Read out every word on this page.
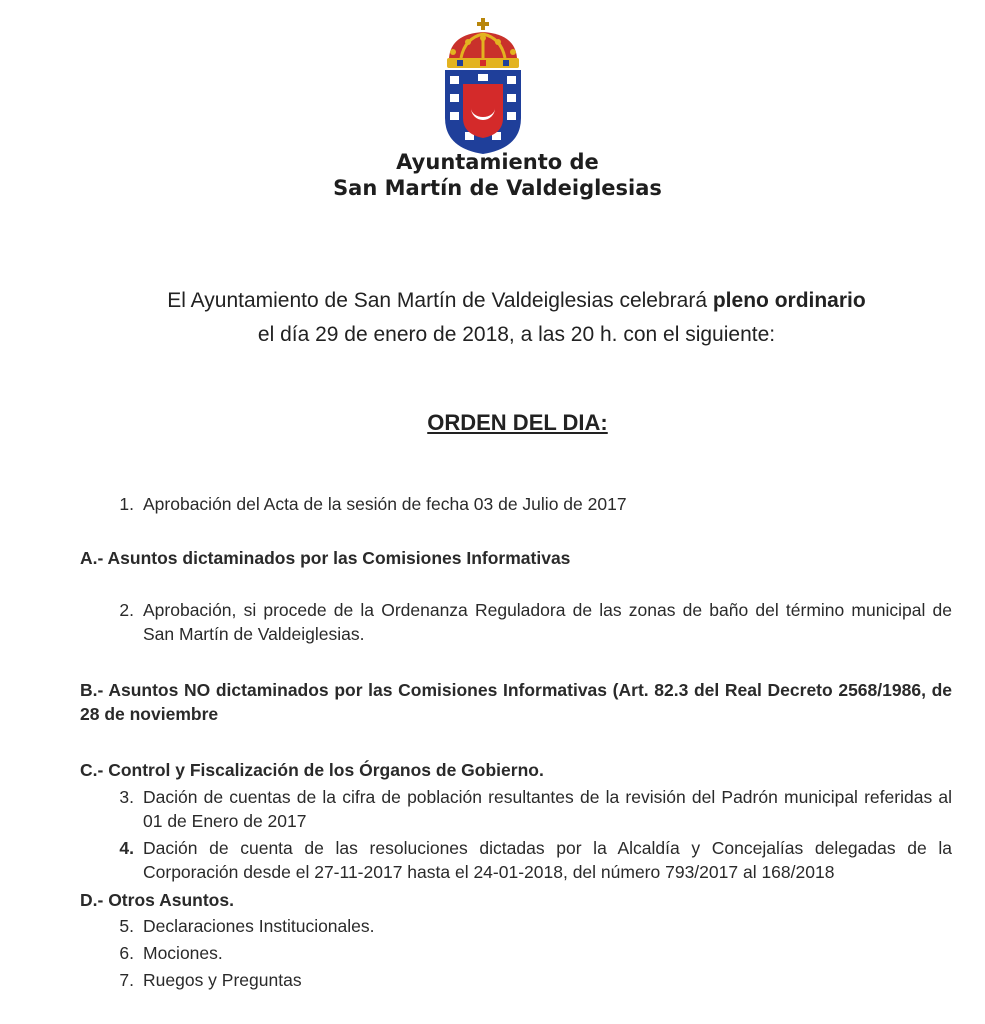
Ayuntamiento de
San Martín de Valdeiglesias
El Ayuntamiento de San Martín de Valdeiglesias celebrará pleno ordinario
el día 29 de enero de 2018, a las 20 h. con el siguiente:
ORDEN DEL DIA:
1. Aprobación del Acta de la sesión de fecha 03 de Julio de 2017
A.- Asuntos dictaminados por las Comisiones Informativas
2. Aprobación, si procede de la Ordenanza Reguladora de las zonas de baño del término municipal de San Martín de Valdeiglesias.
B.- Asuntos NO dictaminados por las Comisiones Informativas (Art. 82.3 del Real Decreto 2568/1986, de 28 de noviembre
C.- Control y Fiscalización de los Órganos de Gobierno.
3. Dación de cuentas de la cifra de población resultantes de la revisión del Padrón municipal referidas al 01 de Enero de 2017
4. Dación de cuenta de las resoluciones dictadas por la Alcaldía y Concejalías delegadas de la Corporación desde el 27-11-2017 hasta el 24-01-2018, del número 793/2017 al 168/2018
D.- Otros Asuntos.
5. Declaraciones Institucionales.
6. Mociones.
7. Ruegos y Preguntas
